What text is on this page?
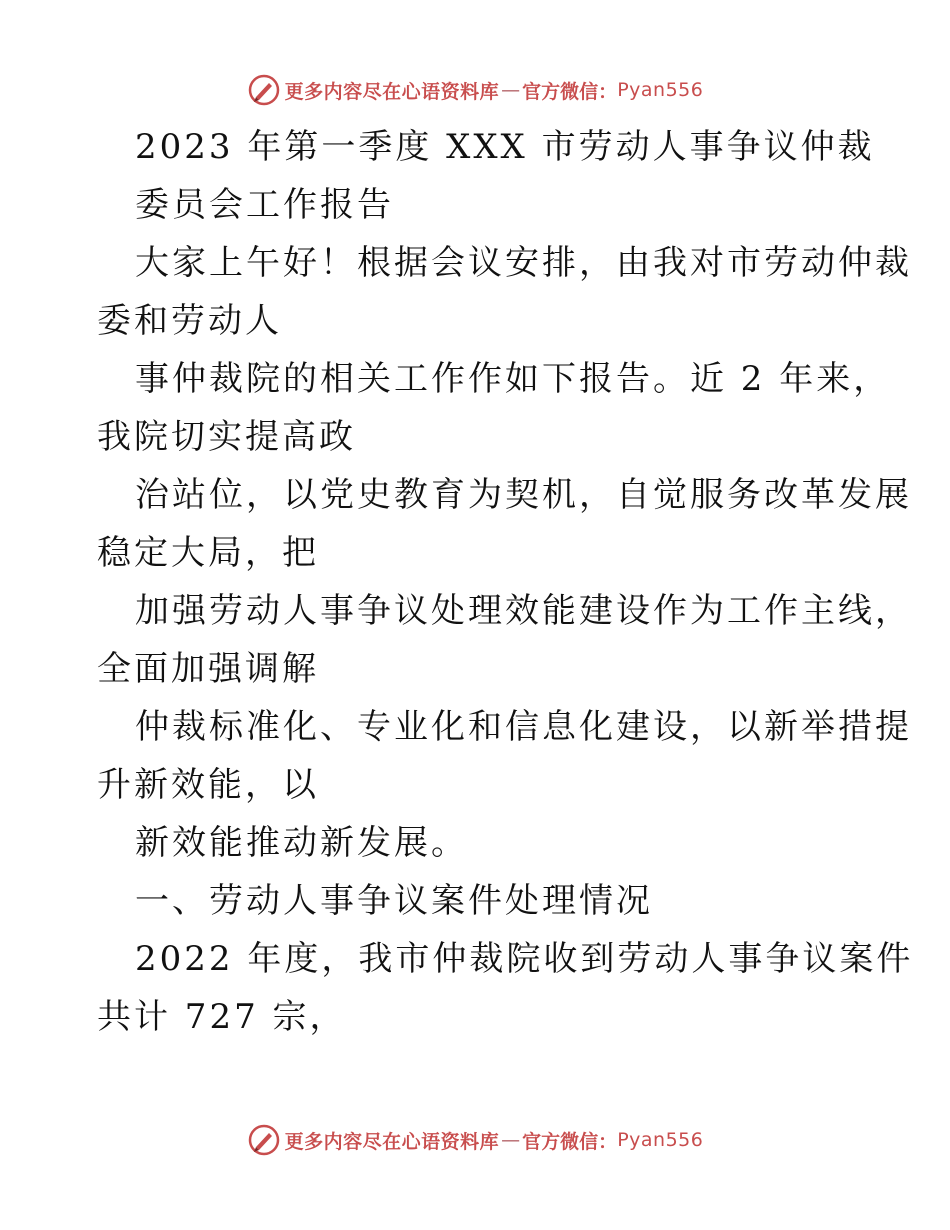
更多内容尽在心语资料库 — 官方微信： Pyan556
2023 年第一季度 XXX 市劳动人事争议仲裁
委员会工作报告
大家上午好！根据会议安排，由我对市劳动仲裁
委和劳动人
事仲裁院的相关工作作如下报告。近 2 年来，
我院切实提高政
治站位，以党史教育为契机，自觉服务改革发展
稳定大局，把
加强劳动人事争议处理效能建设作为工作主线，
全面加强调解
仲裁标准化、专业化和信息化建设，以新举措提
升新效能，以
新效能推动新发展。
一、劳动人事争议案件处理情况
2022 年度，我市仲裁院收到劳动人事争议案件
共计 727 宗，
更多内容尽在心语资料库 — 官方微信： Pyan556
